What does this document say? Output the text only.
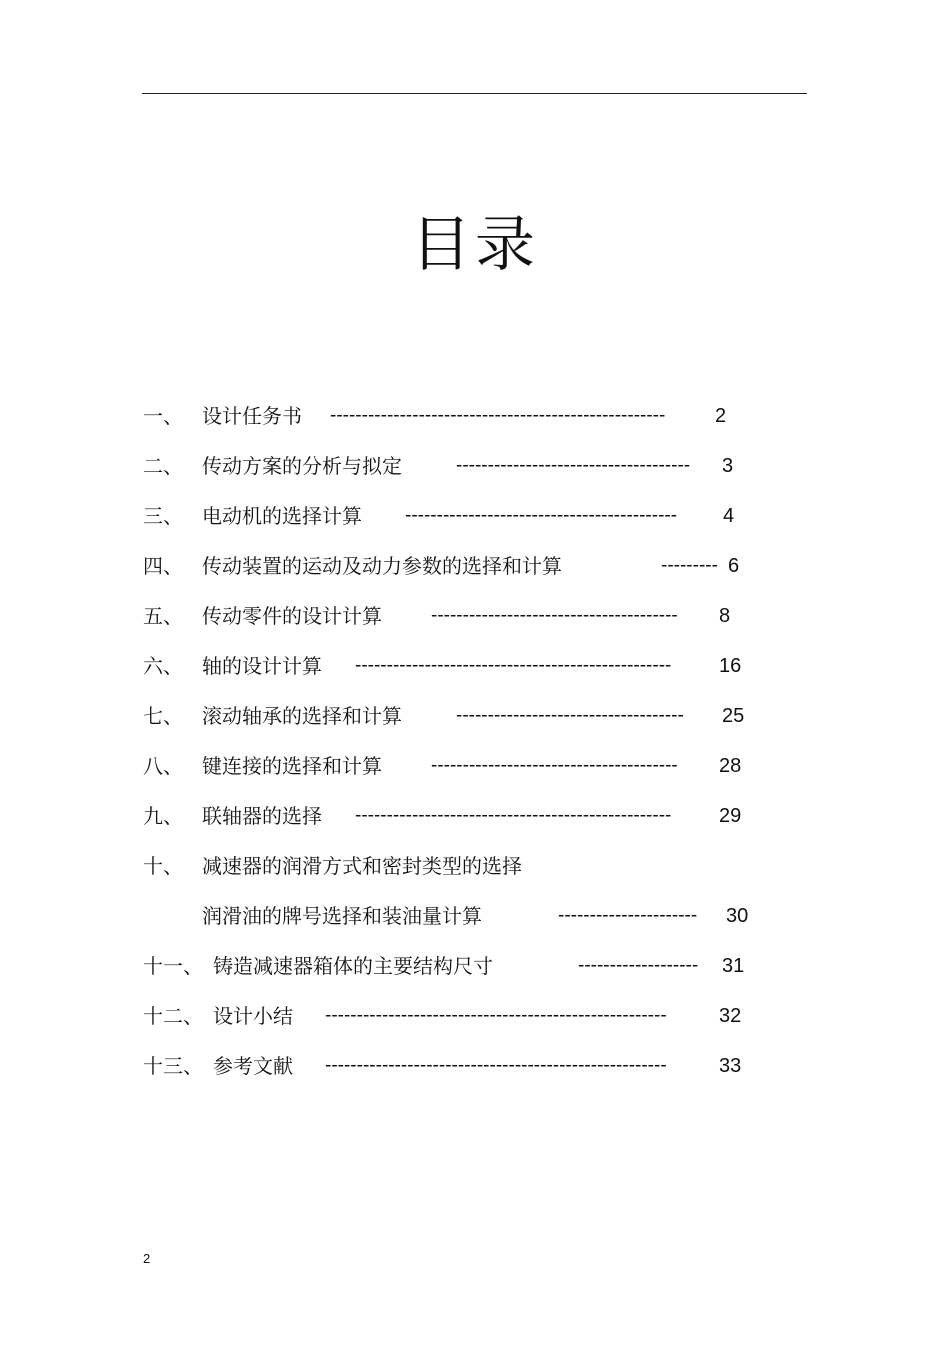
目录
一、 设计任务书 ----------------------------------------------------- 2
二、 传动方案的分析与拟定	------------------------------------- 3
三、 电动机的选择计算 ------------------------------------------- 4
四、 传动装置的运动及动力参数的选择和计算	--------- 6
五、 传动零件的设计计算	--------------------------------------- 8
六、 轴的设计计算 -------------------------------------------------- 16
七、 滚动轴承的选择和计算	------------------------------------ 25
八、 键连接的选择和计算	--------------------------------------- 28
九、 联轴器的选择 -------------------------------------------------- 29
十、 减速器的润滑方式和密封类型的选择
润滑油的牌号选择和装油量计算	---------------------- 30
十一、 铸造减速器箱体的主要结构尺寸	------------------- 31
十二、 设计小结 ------------------------------------------------------	32
十三、 参考文献 ------------------------------------------------------	33
2
